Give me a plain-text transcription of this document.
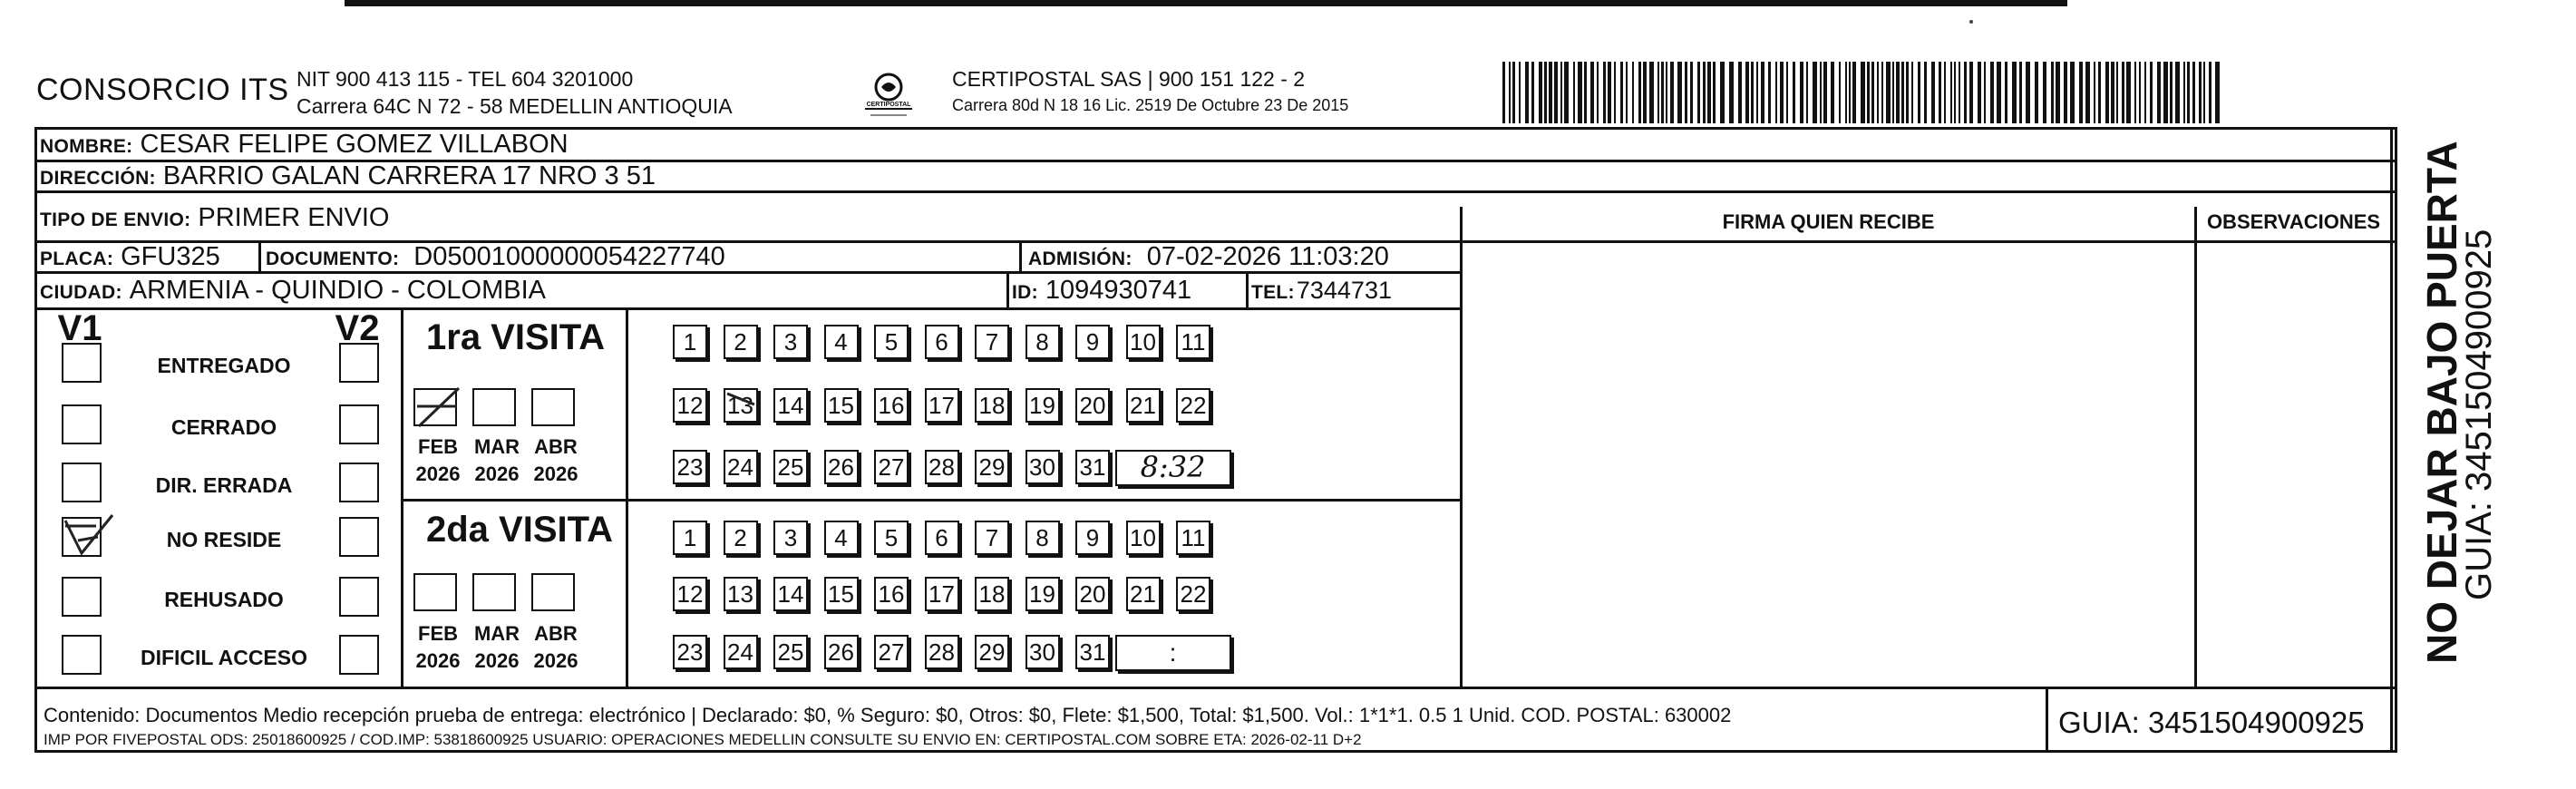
CONSORCIO ITS NIT 900 413 115 - TEL 604 3201000
Carrera 64C N 72 - 58 MEDELLIN ANTIOQUIA	CERTIPOSTAL
CERTIPOSTAL SAS | 900 151 122 - 2
Carrera 80d N 18 16 Lic. 2519 De Octubre 23 De 2015
NOMBRE: CESAR FELIPE GOMEZ VILLABON
DIRECCIÓN: BARRIO GALAN CARRERA 17 NRO 3 51
TIPO DE ENVIO: PRIMER ENVIO	FIRMA QUIEN RECIBE	OBSERVACIONES
PLACA: GFU325 DOCUMENTO: D05001000000054227740	ADMISIÓN: 07-02-2026 11:03:20
CIUDAD: ARMENIA - QUINDIO - COLOMBIA	ID: 1094930741	TEL:7344731
V1	V2 1ra VISITA
2da VISITA
Contenido: Documentos Medio recepción prueba de entrega: electrónico | Declarado: $0, % Seguro: $0, Otros: $0, Flete: $1,500, Total: $1,500. Vol.: 1*1*1. 0.5 1 Unid. COD. POSTAL: 630002
IMP POR FIVEPOSTAL ODS: 25018600925 / COD.IMP: 53818600925 USUARIO: OPERACIONES MEDELLIN CONSULTE SU ENVIO EN: CERTIPOSTAL.COM SOBRE ETA: 2026-02-11 D+2
GUIA: 3451504900925
NO DEJAR BAJO PUERTA
GUIA: 3451504900925
ENTREGADO
CERRADO
DIR. ERRADA
NO RESIDE
REHUSADO
DIFICIL ACCESO
FEB
2026
MAR
2026
ABR
2026
FEB
2026
MAR
2026
ABR
2026
1	2	3	4	5	6	7	8	9	10 11
12 13 14 15 16 17 18 19 20 21 22
23 24 25 26 27 28 29 30 31	8:32
1	2	3	4	5	6	7	8	9	10 11
12 13 14 15 16 17 18 19 20 21 22
23 24 25 26 27 28 29 30 31	:
